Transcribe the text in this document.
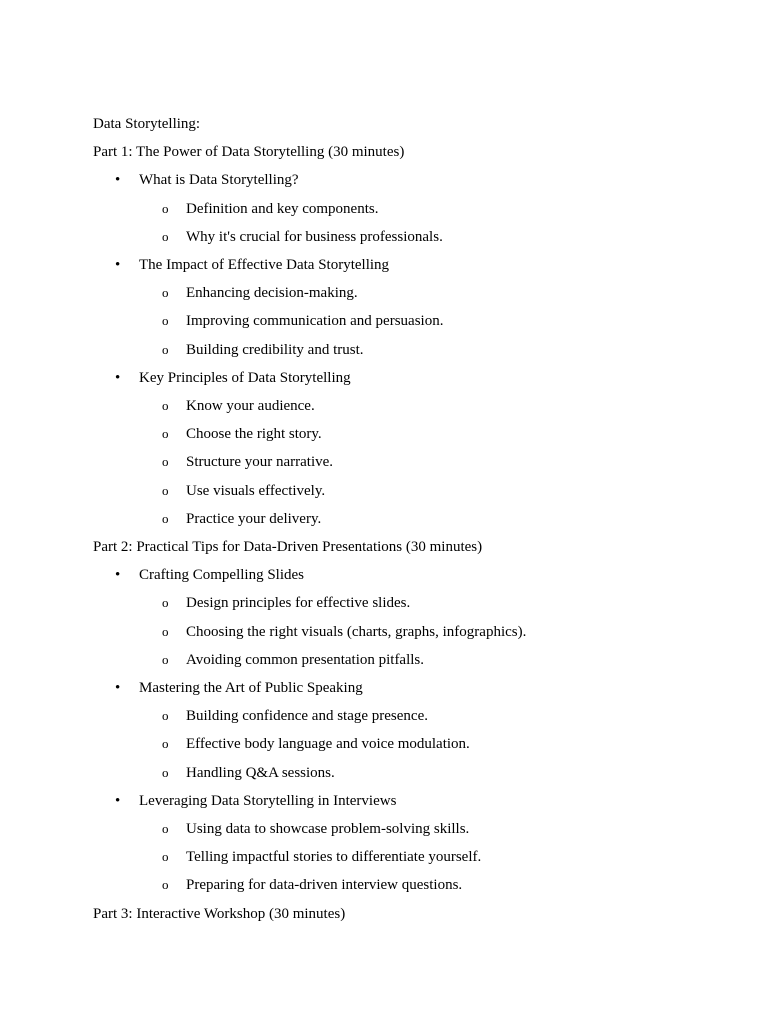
Data Storytelling:
Part 1: The Power of Data Storytelling (30 minutes)
•	What is Data Storytelling?
o Definition and key components.
o Why it's crucial for business professionals.
•	The Impact of Effective Data Storytelling
o Enhancing decision-making.
o Improving communication and persuasion.
o Building credibility and trust.
•	Key Principles of Data Storytelling
o Know your audience.
o Choose the right story.
o Structure your narrative.
o Use visuals effectively.
o Practice your delivery.
Part 2: Practical Tips for Data-Driven Presentations (30 minutes)
•	Crafting Compelling Slides
o Design principles for effective slides.
o Choosing the right visuals (charts, graphs, infographics).
o Avoiding common presentation pitfalls.
•	Mastering the Art of Public Speaking
o Building confidence and stage presence.
o Effective body language and voice modulation.
o Handling Q&A sessions.
•	Leveraging Data Storytelling in Interviews
o Using data to showcase problem-solving skills.
o Telling impactful stories to differentiate yourself.
o Preparing for data-driven interview questions.
Part 3: Interactive Workshop (30 minutes)
